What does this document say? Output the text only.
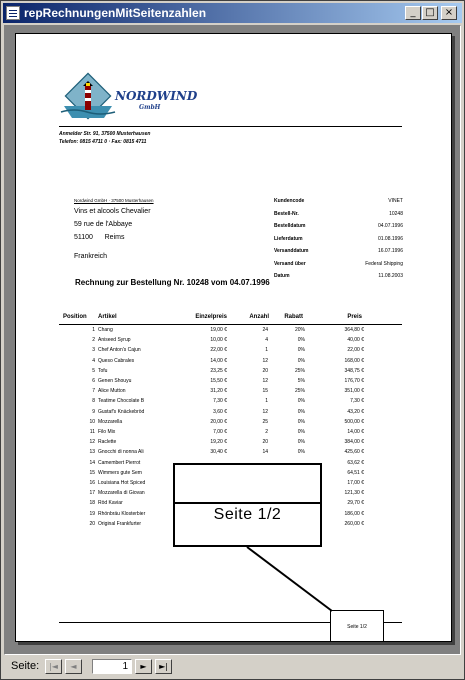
repRechnungenMitSeitenzahlen	_ □	×
NORDWIND
GmbH
Anmelder Str. 91, 37500 Musterhausen
Telefon: 0815 4711 0 · Fax: 0815 4711
Nordwind GmbH · 37500 Musterhausen
Vins et alcools Chevalier
59 rue de l'Abbaye
51100      Reims
Frankreich
Kundencode	VINET
Bestell-Nr.	10248
Bestelldatum	04.07.1996
Lieferdatum	01.08.1996
Versanddatum	16.07.1996
Versand über	Federal Shipping
Datum	11.08.2003
Rechnung zur Bestellung Nr. 10248 vom 04.07.1996
Position Artikel	Einzelpreis	Anzahl	Rabatt	Preis
1 Chang	19,00 €	24	20%	364,80 €
2 Aniseed Syrup	10,00 €	4	0%	40,00 €
3 Chef Anton's Cajun	22,00 €	1	0%	22,00 €
4 Queso Cabrales	14,00 €	12	0%	168,00 €
5 Tofu	23,25 €	20	25%	348,75 €
6 Genen Shouyu	15,50 €	12	5%	176,70 €
7 Alice Mutton	31,20 €	15	25%	351,00 €
8 Teatime Chocolate B	7,30 €	1	0%	7,30 €
9 Gustaf's Knäckebröd	3,60 €	12	0%	43,20 €
10 Mozzarella	20,00 €	25	0%	500,00 €
11 Filo Mix	7,00 €	2	0%	14,00 €
12 Raclette	19,20 €	20	0%	384,00 €
13 Gnocchi di nonna Ali	30,40 €	14	0%	425,60 €
14 Camembert Pierrot	63,62 €
15 Wimmers gute Sem	64,51 €
16 Louisiana Hot Spiced	17,00 €
17 Mozzarella di Giovan	121,30 €
18 Röd Kaviar	29,70 €
19 Rhönbräu Klosterbier	186,00 €
20 Original Frankfurter	260,00 €
Seite 1/2
Seite 1/2
Seite:	|◄	◄	1	►	►|
